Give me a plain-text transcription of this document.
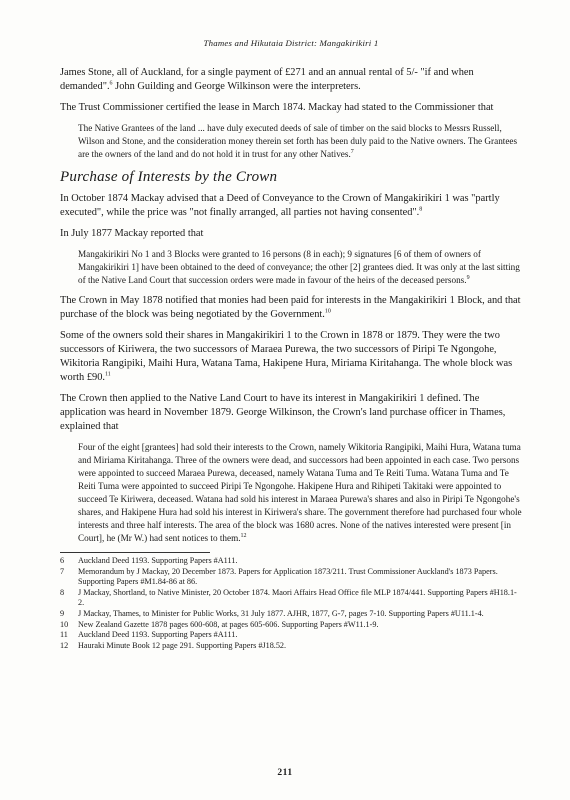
Thames and Hikutaia District: Mangakirikiri 1

James Stone, all of Auckland, for a single payment of £271 and an annual rental of 5/- "if and when demanded".$^6$ John Guilding and George Wilkinson were the interpreters.

The Trust Commissioner certified the lease in March 1874. Mackay had stated to the Commissioner that

The Native Grantees of the land ... have duly executed deeds of sale of timber on the said blocks to Messrs Russell, Wilson and Stone, and the consideration money therein set forth has been duly paid to the Native owners. The Grantees are the owners of the land and do not hold it in trust for any other Natives.$^7$
Purchase of Interests by the Crown

In October 1874 Mackay advised that a Deed of Conveyance to the Crown of Mangakirikiri 1 was "partly executed", while the price was "not finally arranged, all parties not having consented".$^8$

In July 1877 Mackay reported that

Mangakirikiri No 1 and 3 Blocks were granted to 16 persons (8 in each); 9 signatures [6 of them of owners of Mangakirikiri 1] have been obtained to the deed of conveyance; the other [2] grantees died. It was only at the last sitting of the Native Land Court that succession orders were made in favour of the heirs of the deceased persons.$^9$

The Crown in May 1878 notified that monies had been paid for interests in the Mangakirikiri 1 Block, and that purchase of the block was being negotiated by the Government.$^{10}$

Some of the owners sold their shares in Mangakirikiri 1 to the Crown in 1878 or 1879. They were the two successors of Kiriwera, the two successors of Maraea Purewa, the two successors of Piripi Te Ngongohe, Wikitoria Rangipiki, Maihi Hura, Watana Tama, Hakipene Hura, Miriama Kiritahanga. The whole block was worth £90.11

The Crown then applied to the Native Land Court to have its interest in Mangakirikiri 1 defined. The application was heard in November 1879. George Wilkinson, the Crown's land purchase officer in Thames, explained that

Four of the eight [grantees] had sold their interests to the Crown, namely Wikitoria Rangipiki, Maihi Hura, Watana tuma and Miriama Kiritahanga. Three of the owners were dead, and successors had been appointed in each case. Two persons were appointed to succeed Maraea Purewa, deceased, namely Watana Tuma and Te Reiti Tuma. Watana Tuma and Te Reiti Tuma were appointed to succeed Piripi Te Ngongohe. Hakipene Hura and Rihipeti Takitaki were appointed to succeed Te Kiriwera, deceased. Watana had sold his interest in Maraea Purewa's shares and also in Piripi Te Ngongohe's shares, and Hakipene Hura had sold his interest in Kiriwera's share. The government therefore had purchased four whole interests and three half interests. The area of the block was 1680 acres. None of the natives interested were present [in Court], he (Mr W.) had sent notices to them.$^{12}$
6	Auckland Deed 1193. Supporting Papers #A111.
7	Memorandum by J Mackay, 20 December 1873. Papers for Application 1873/211. Trust Commissioner Auckland's 1873 Papers. Supporting Papers #M1.84-86 at 86.
8	J Mackay, Shortland, to Native Minister, 20 October 1874. Maori Affairs Head Office file MLP 1874/441. Supporting Papers #H18.1-2.
9	J Mackay, Thames, to Minister for Public Works, 31 July 1877. AJHR, 1877, G-7, pages 7-10. Supporting Papers #U11.1-4.
10	New Zealand Gazette 1878 pages 600-608, at pages 605-606. Supporting Papers #W11.1-9.
11	Auckland Deed 1193. Supporting Papers #A111.
12	Hauraki Minute Book 12 page 291. Supporting Papers #J18.52.
211
